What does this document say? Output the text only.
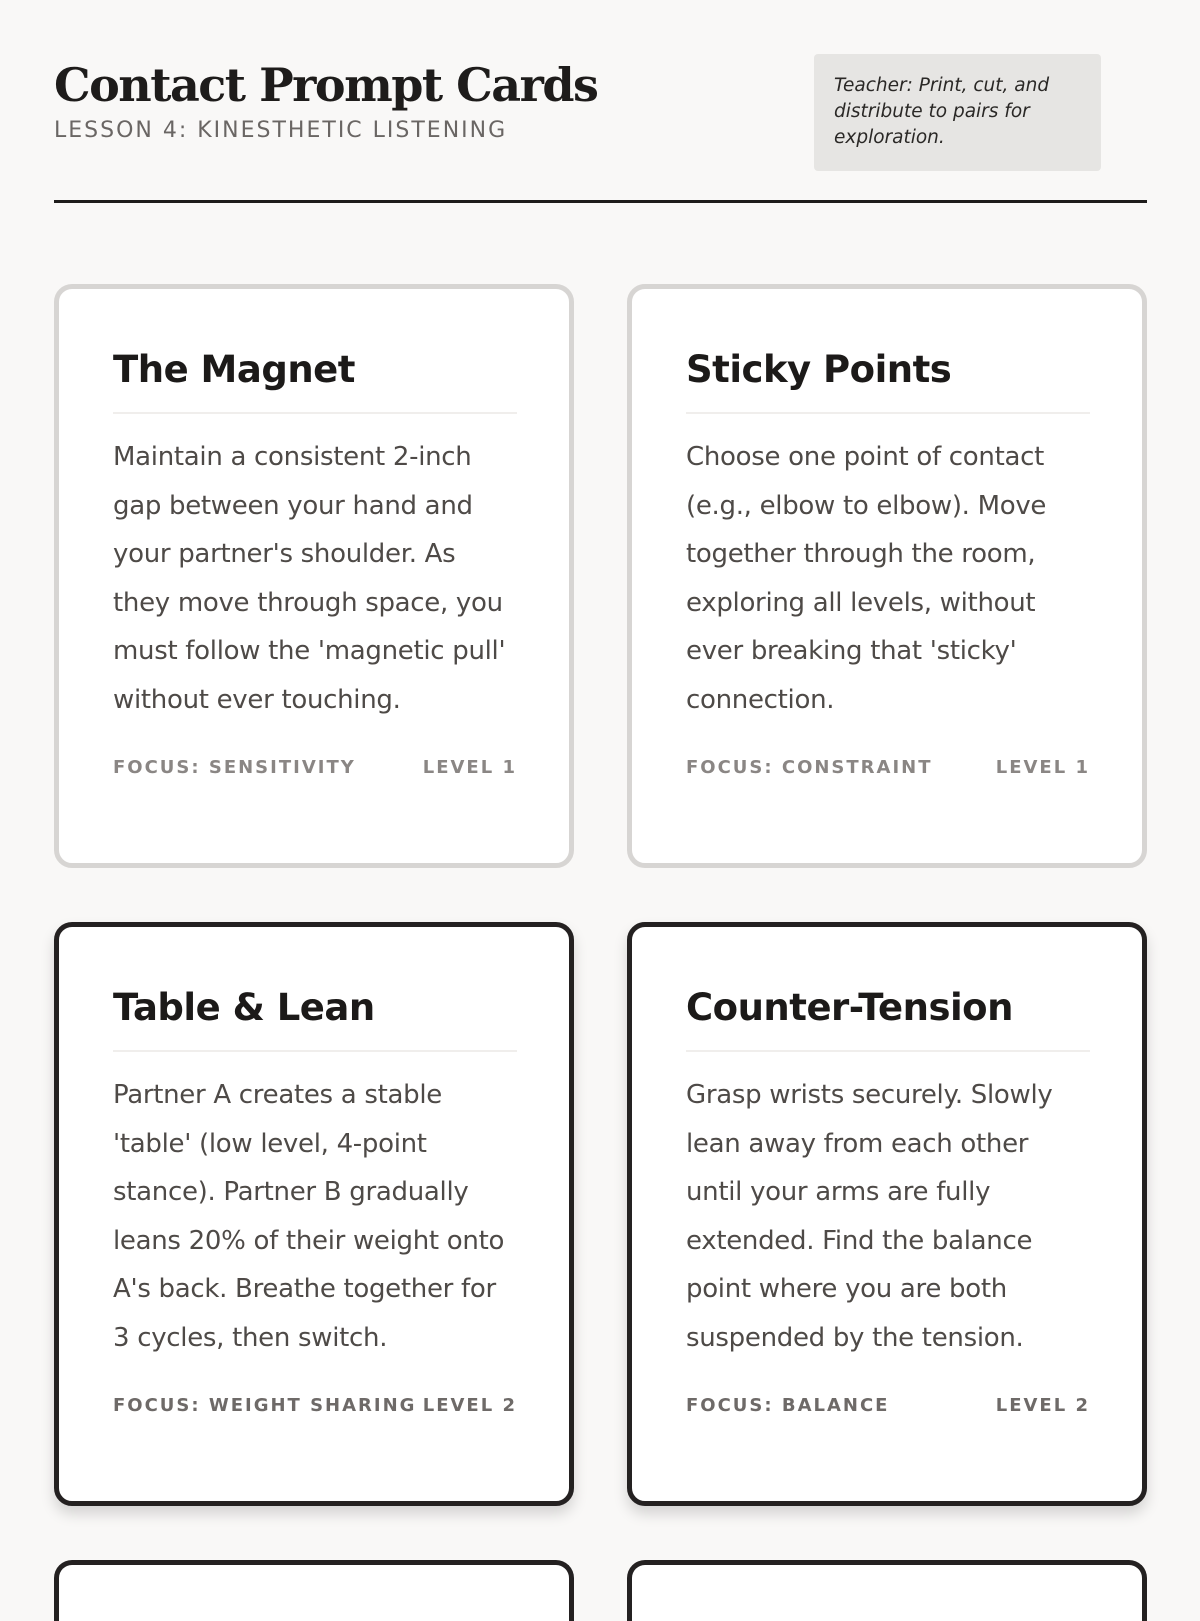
Contact Prompt Cards
LESSON 4: KINESTHETIC LISTENING
Teacher: Print, cut, and distribute to pairs for exploration.
The Magnet
Maintain a consistent 2-inch gap between your hand and your partner's shoulder. As they move through space, you must follow the 'magnetic pull' without ever touching.
FOCUS: SENSITIVITY	LEVEL 1
Sticky Points
Choose one point of contact (e.g., elbow to elbow). Move together through the room, exploring all levels, without ever breaking that 'sticky' connection.
FOCUS: CONSTRAINT	LEVEL 1
Table & Lean
Partner A creates a stable 'table' (low level, 4-point stance). Partner B gradually leans 20% of their weight onto A's back. Breathe together for 3 cycles, then switch.
FOCUS: WEIGHT SHARING LEVEL 2
Counter-Tension
Grasp wrists securely. Slowly lean away from each other until your arms are fully extended. Find the balance point where you are both suspended by the tension.
FOCUS: BALANCE	LEVEL 2
